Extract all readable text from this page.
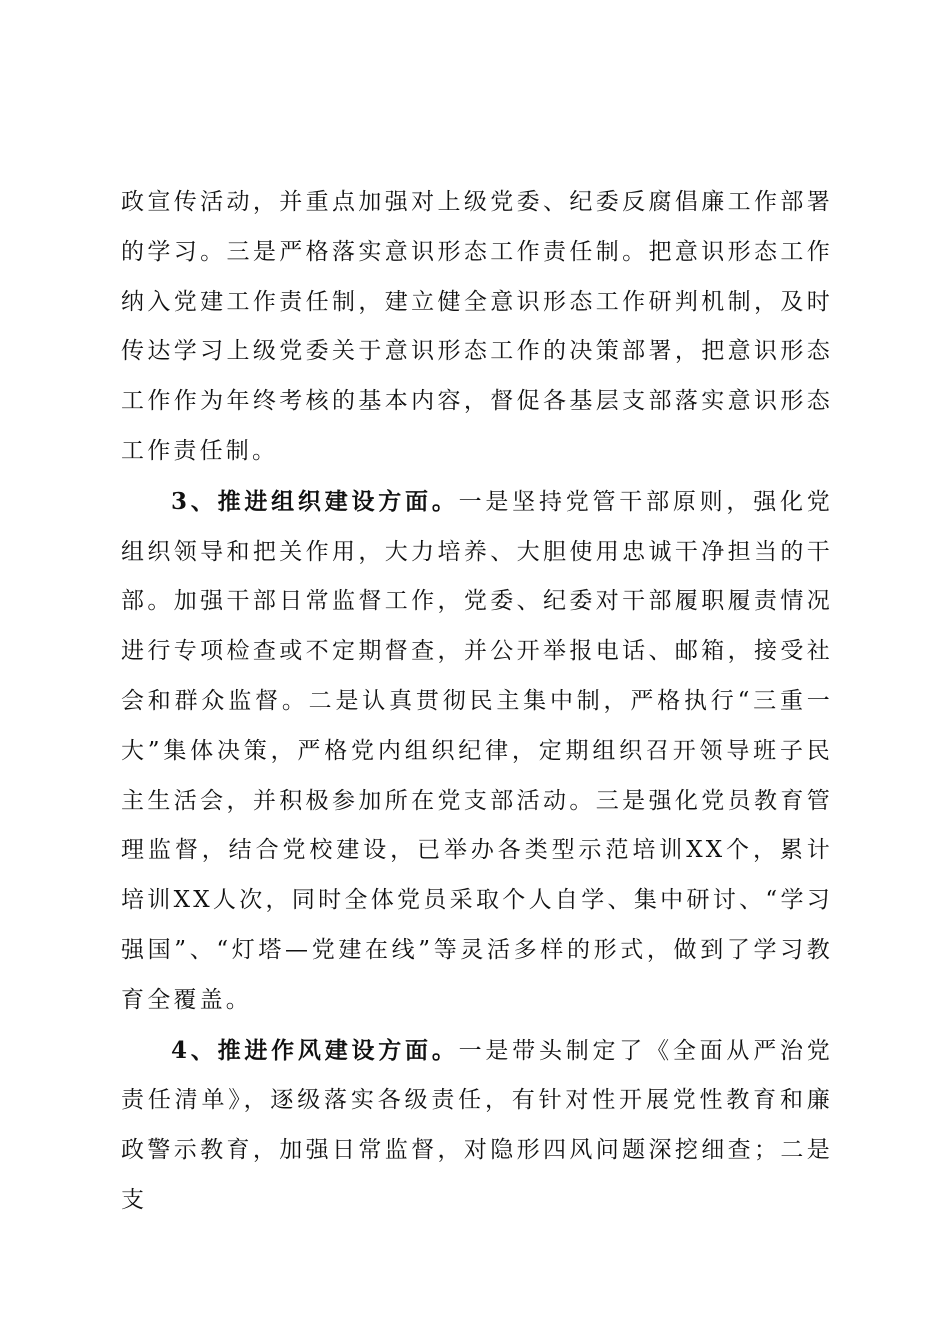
政宣传活动，并重点加强对上级党委、纪委反腐倡廉工作部署的学习。三是严格落实意识形态工作责任制。把意识形态工作纳入党建工作责任制，建立健全意识形态工作研判机制，及时传达学习上级党委关于意识形态工作的决策部署，把意识形态工作作为年终考核的基本内容，督促各基层支部落实意识形态工作责任制。

3、推进组织建设方面。一是坚持党管干部原则，强化党组织领导和把关作用，大力培养、大胆使用忠诚干净担当的干部。加强干部日常监督工作，党委、纪委对干部履职履责情况进行专项检查或不定期督查，并公开举报电话、邮箱，接受社会和群众监督。二是认真贯彻民主集中制，严格执行“三重一大”集体决策，严格党内组织纪律，定期组织召开领导班子民主生活会，并积极参加所在党支部活动。三是强化党员教育管理监督，结合党校建设，已举办各类型示范培训XX个，累计培训XX人次，同时全体党员采取个人自学、集中研讨、“学习强国”、“灯塔—党建在线”等灵活多样的形式，做到了学习教育全覆盖。

4、推进作风建设方面。一是带头制定了《全面从严治党责任清单》，逐级落实各级责任，有针对性开展党性教育和廉政警示教育，加强日常监督，对隐形四风问题深挖细查；二是支
